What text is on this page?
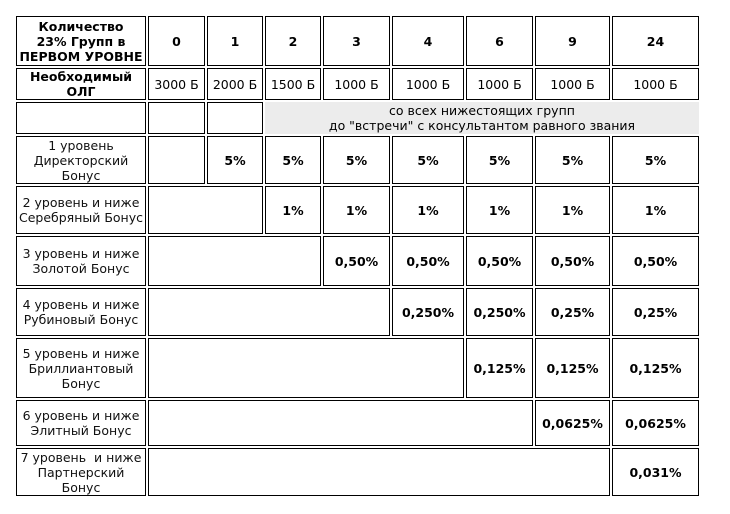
Количество
23% Групп в
ПЕРВОМ УРОВНЕ	0	1	2	3	4	6	9	24

Необходимый
ОЛГ	3000 Б	2000 Б	1500 Б	1000 Б	1000 Б	1000 Б	1000 Б	1000 Б

			со всех нижестоящих групп
до "встречи" с консультантом равного звания					

1 уровень
Директорский
Бонус		5%	5%	5%	5%	5%	5%	5%

2 уровень и ниже
Серебряный Бонус			1%	1%	1%	1%	1%	1%

3 уровень и ниже
Золотой Бонус				0,50%	0,50%	0,50%	0,50%	0,50%

4 уровень и ниже
Рубиновый Бонус					0,250%	0,250%	0,25%	0,25%

5 уровень и ниже
Бриллиантовый
Бонус						0,125%	0,125%	0,125%

6 уровень и ниже
Элитный Бонус							0,0625%	0,0625%

7 уровень  и ниже
Партнерский
Бонус								0,031%
